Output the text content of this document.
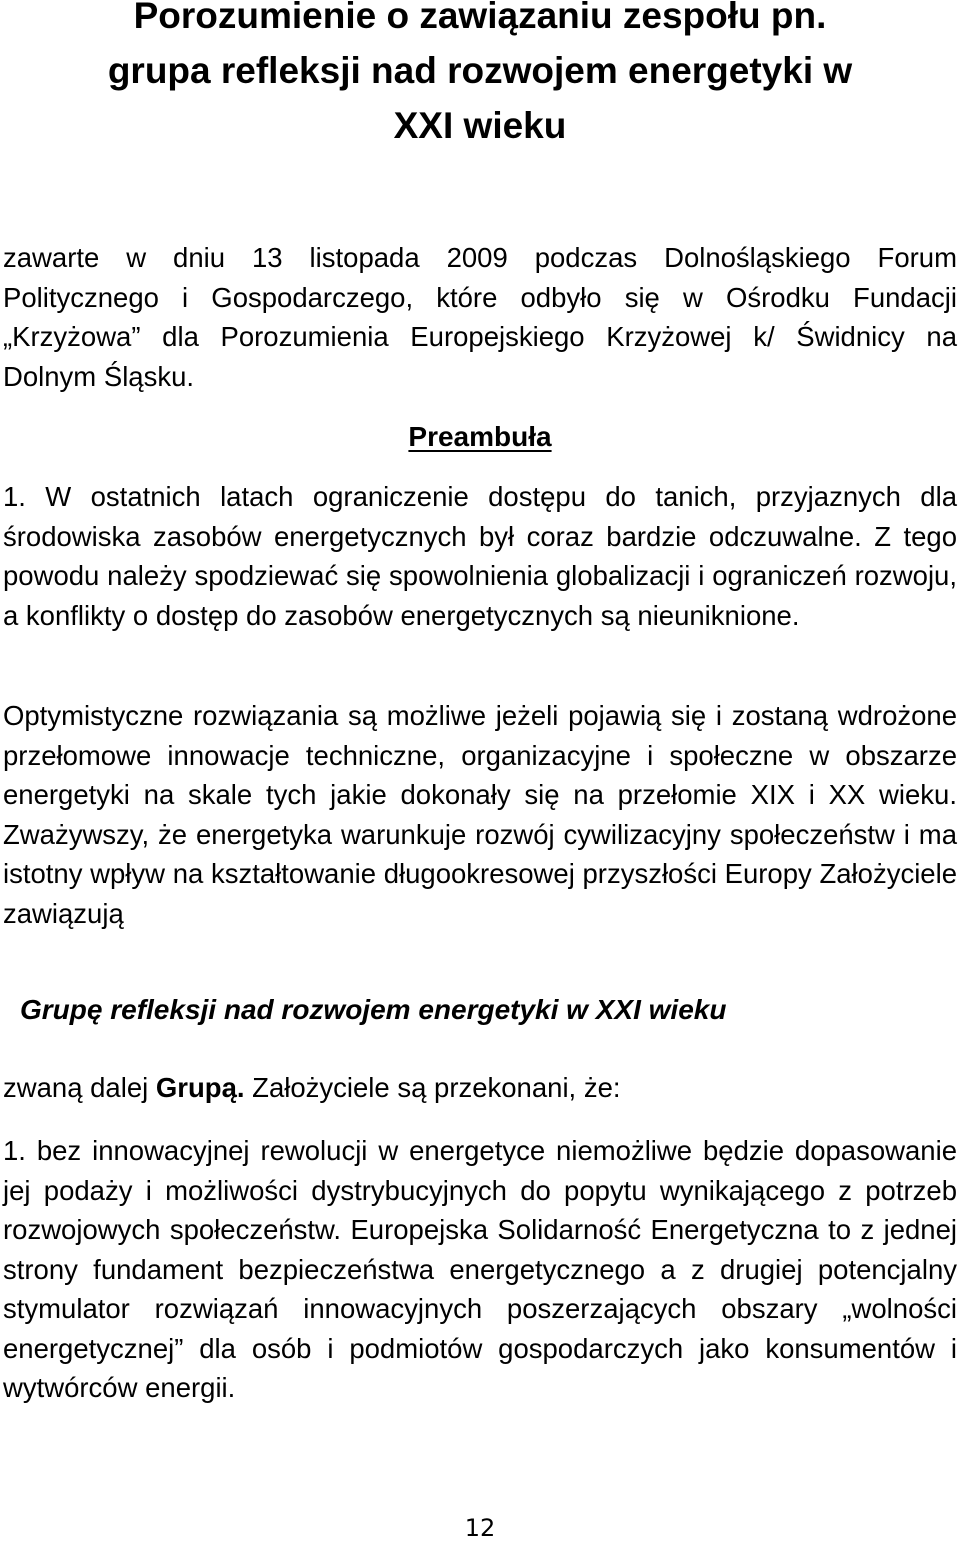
Porozumienie o zawiązaniu zespołu pn.
grupa refleksji nad rozwojem energetyki w
XXI wieku

zawarte w dniu 13 listopada 2009 podczas Dolnośląskiego Forum Politycznego i Gospodarczego, które odbyło się w Ośrodku Fundacji „Krzyżowa” dla Porozumienia Europejskiego Krzyżowej k/ Świdnicy na Dolnym Śląsku.

Preambuła

1. W ostatnich latach ograniczenie dostępu do tanich, przyjaznych dla środowiska zasobów energetycznych był coraz bardzie odczuwalne. Z tego powodu należy spodziewać się spowolnienia globalizacji i ograniczeń rozwoju, a konflikty o dostęp do zasobów energetycznych są nieuniknione.

Optymistyczne rozwiązania są możliwe jeżeli pojawią się i zostaną wdrożone przełomowe innowacje techniczne, organizacyjne i społeczne w obszarze energetyki na skale tych jakie dokonały się na przełomie XIX i XX wieku. Zważywszy, że energetyka warunkuje rozwój cywilizacyjny społeczeństw i ma istotny wpływ na kształtowanie długookresowej przyszłości Europy Założyciele zawiązują

Grupę refleksji nad rozwojem energetyki w XXI wieku

zwaną dalej Grupą. Założyciele są przekonani, że:

1. bez innowacyjnej rewolucji w energetyce niemożliwe będzie dopasowanie jej podaży i możliwości dystrybucyjnych do popytu wynikającego z potrzeb rozwojowych społeczeństw. Europejska Solidarność Energetyczna to z jednej strony fundament bezpieczeństwa energetycznego a z drugiej potencjalny stymulator rozwiązań innowacyjnych poszerzających obszary „wolności energetycznej” dla osób i podmiotów gospodarczych jako konsumentów i wytwórców energii.

12
